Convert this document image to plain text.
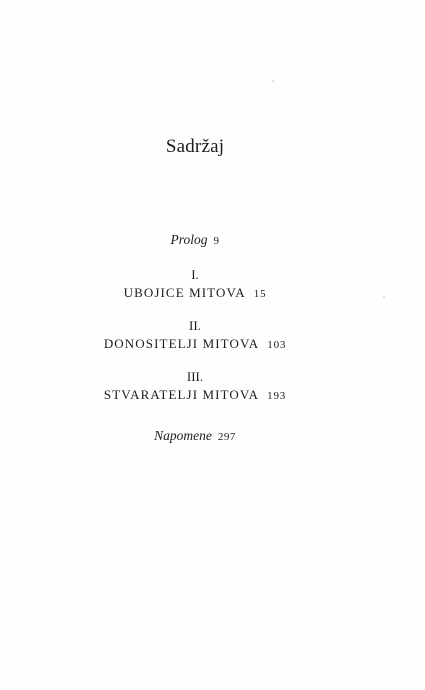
Sadržaj
Prolog 9
I.
UBOJICE MITOVA 15
II.
DONOSITELJI MITOVA 103
III.
STVARATELJI MITOVA 193
Napomene 297
